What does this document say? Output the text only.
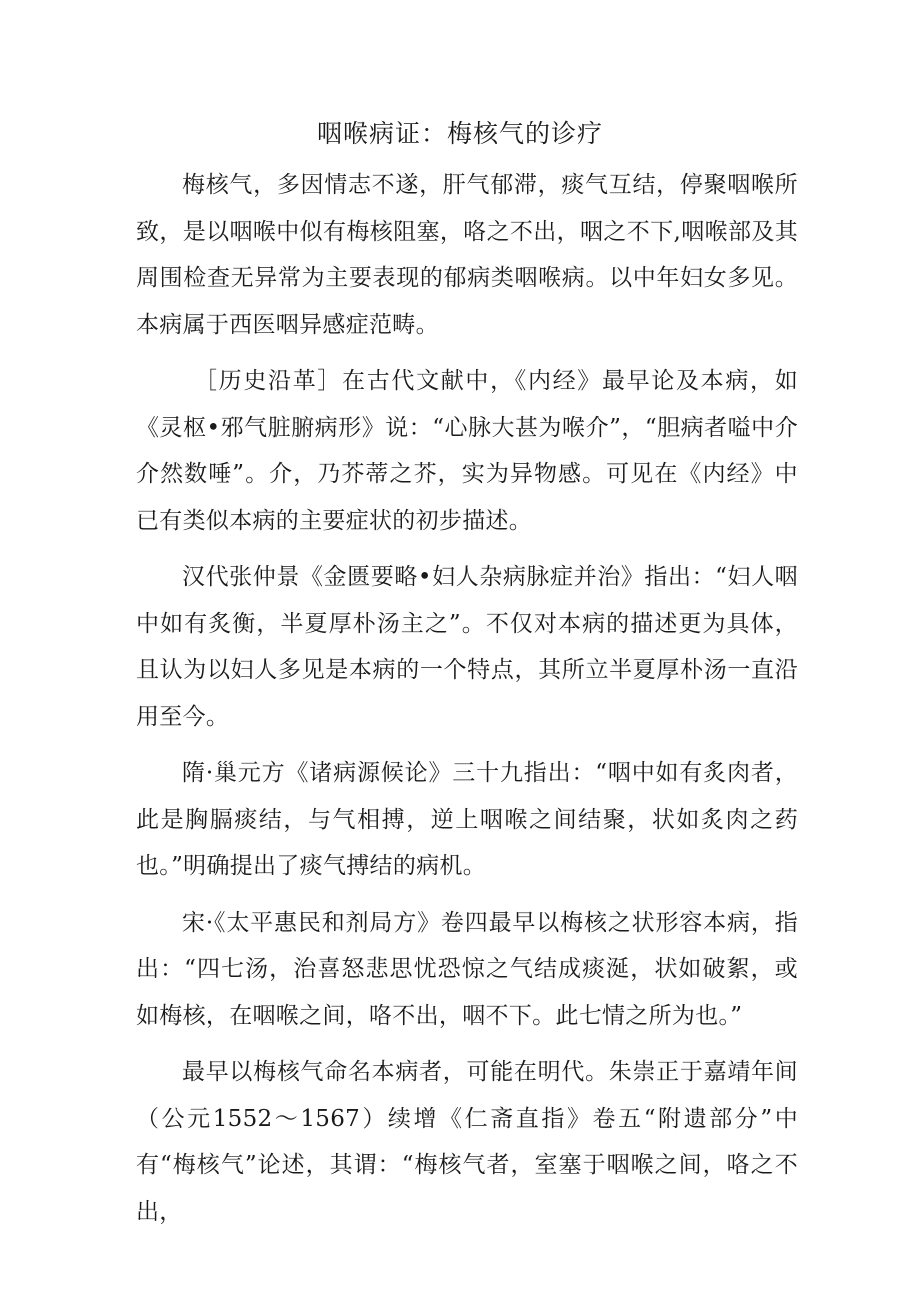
咽喉病证：梅核气的诊疗

梅核气，多因情志不遂，肝气郁滞，痰气互结，停聚咽喉所致，是以咽喉中似有梅核阻塞，咯之不出，咽之不下,咽喉部及其周围检查无异常为主要表现的郁病类咽喉病。以中年妇女多见。本病属于西医咽异感症范畴。

［历史沿革］在古代文献中，《内经》最早论及本病，如《灵枢•邪气脏腑病形》说：“心脉大甚为喉介”，“胆病者嗌中介介然数唾”。介，乃芥蒂之芥，实为异物感。可见在《内经》中已有类似本病的主要症状的初步描述。

汉代张仲景《金匮要略•妇人杂病脉症并治》指出：“妇人咽中如有炙衡，半夏厚朴汤主之”。不仅对本病的描述更为具体，且认为以妇人多见是本病的一个特点，其所立半夏厚朴汤一直沿用至今。

隋·巢元方《诸病源候论》三十九指出：“咽中如有炙肉者，此是胸膈痰结，与气相搏，逆上咽喉之间结聚，状如炙肉之药也。”明确提出了痰气搏结的病机。

宋·《太平惠民和剂局方》卷四最早以梅核之状形容本病，指出：“四七汤，治喜怒悲思忧恐惊之气结成痰涎，状如破絮，或如梅核，在咽喉之间，咯不出，咽不下。此七情之所为也。”

最早以梅核气命名本病者，可能在明代。朱崇正于嘉靖年间（公元1552～1567）续增《仁斋直指》卷五“附遗部分”中有“梅核气”论述，其谓：“梅核气者，室塞于咽喉之间，咯之不出，
